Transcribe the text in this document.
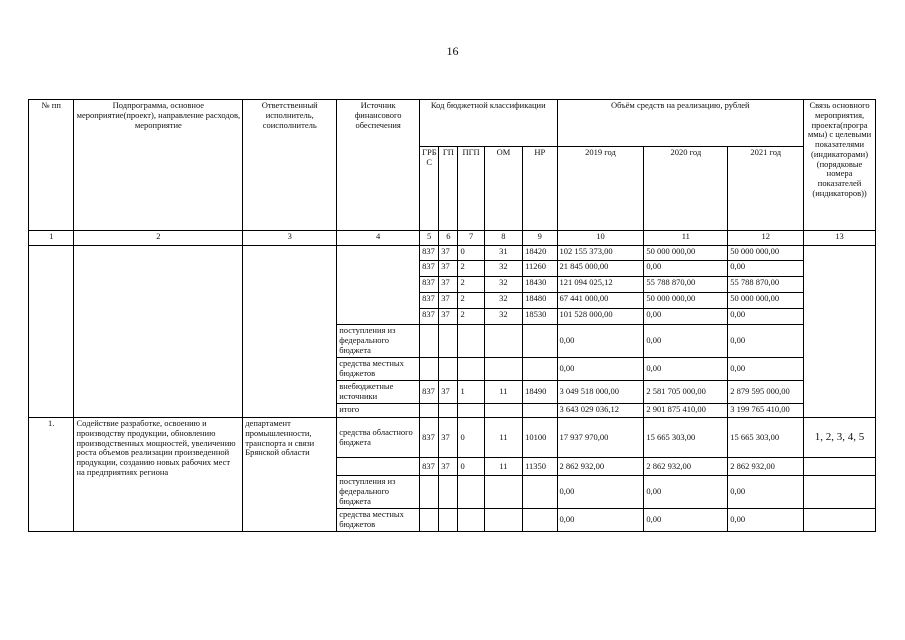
16
№ пп	Подпрограмма, основное мероприятие(проект), направление расходов, мероприятие	Ответственный исполнитель, соисполнитель	Источник финансового обеспечения	Код бюджетной классификации					Объём средств на реализацию, рублей			Связь основного мероприятия, проекта(програ ммы) с целевыми показателями (индикаторами) (порядковые номера показателей (индикаторов))
				ГРБ С	ГП	ПГП	ОМ	НР	2019 год	2020 год	2021 год	
1	2	3	4	5	6	7	8	9	10	11	12	13
				837	37	0	31	18420	102 155 373,00	50 000 000,00	50 000 000,00	
				837	37	2	32	11260	21 845 000,00	0,00	0,00	
				837	37	2	32	18430	121 094 025,12	55 788 870,00	55 788 870,00	
				837	37	2	32	18480	67 441 000,00	50 000 000,00	50 000 000,00	
				837	37	2	32	18530	101 528 000,00	0,00	0,00	
			поступления из федерального бюджета						0,00	0,00	0,00	
			средства местных бюджетов						0,00	0,00	0,00	
			внебюджетные источники	837	37	1	11	18490	3 049 518 000,00	2 581 705 000,00	2 879 595 000,00	
			итого						3 643 029 036,12	2 901 875 410,00	3 199 765 410,00	
1.	Содействие разработке, освоению и производству продукции, обновлению производственных мощностей, увеличению роста объемов реализации произведенной продукции, созданию новых рабочих мест на предприятиях региона	департамент промышленности, транспорта и связи Брянской области	средства областного бюджета	837	37	0	11	10100	17 937 970,00	15 665 303,00	15 665 303,00	1, 2, 3, 4, 5
				837	37	0	11	11350	2 862 932,00	2 862 932,00	2 862 932,00	
			поступления из федерального бюджета						0,00	0,00	0,00	
			средства местных бюджетов						0,00	0,00	0,00	
